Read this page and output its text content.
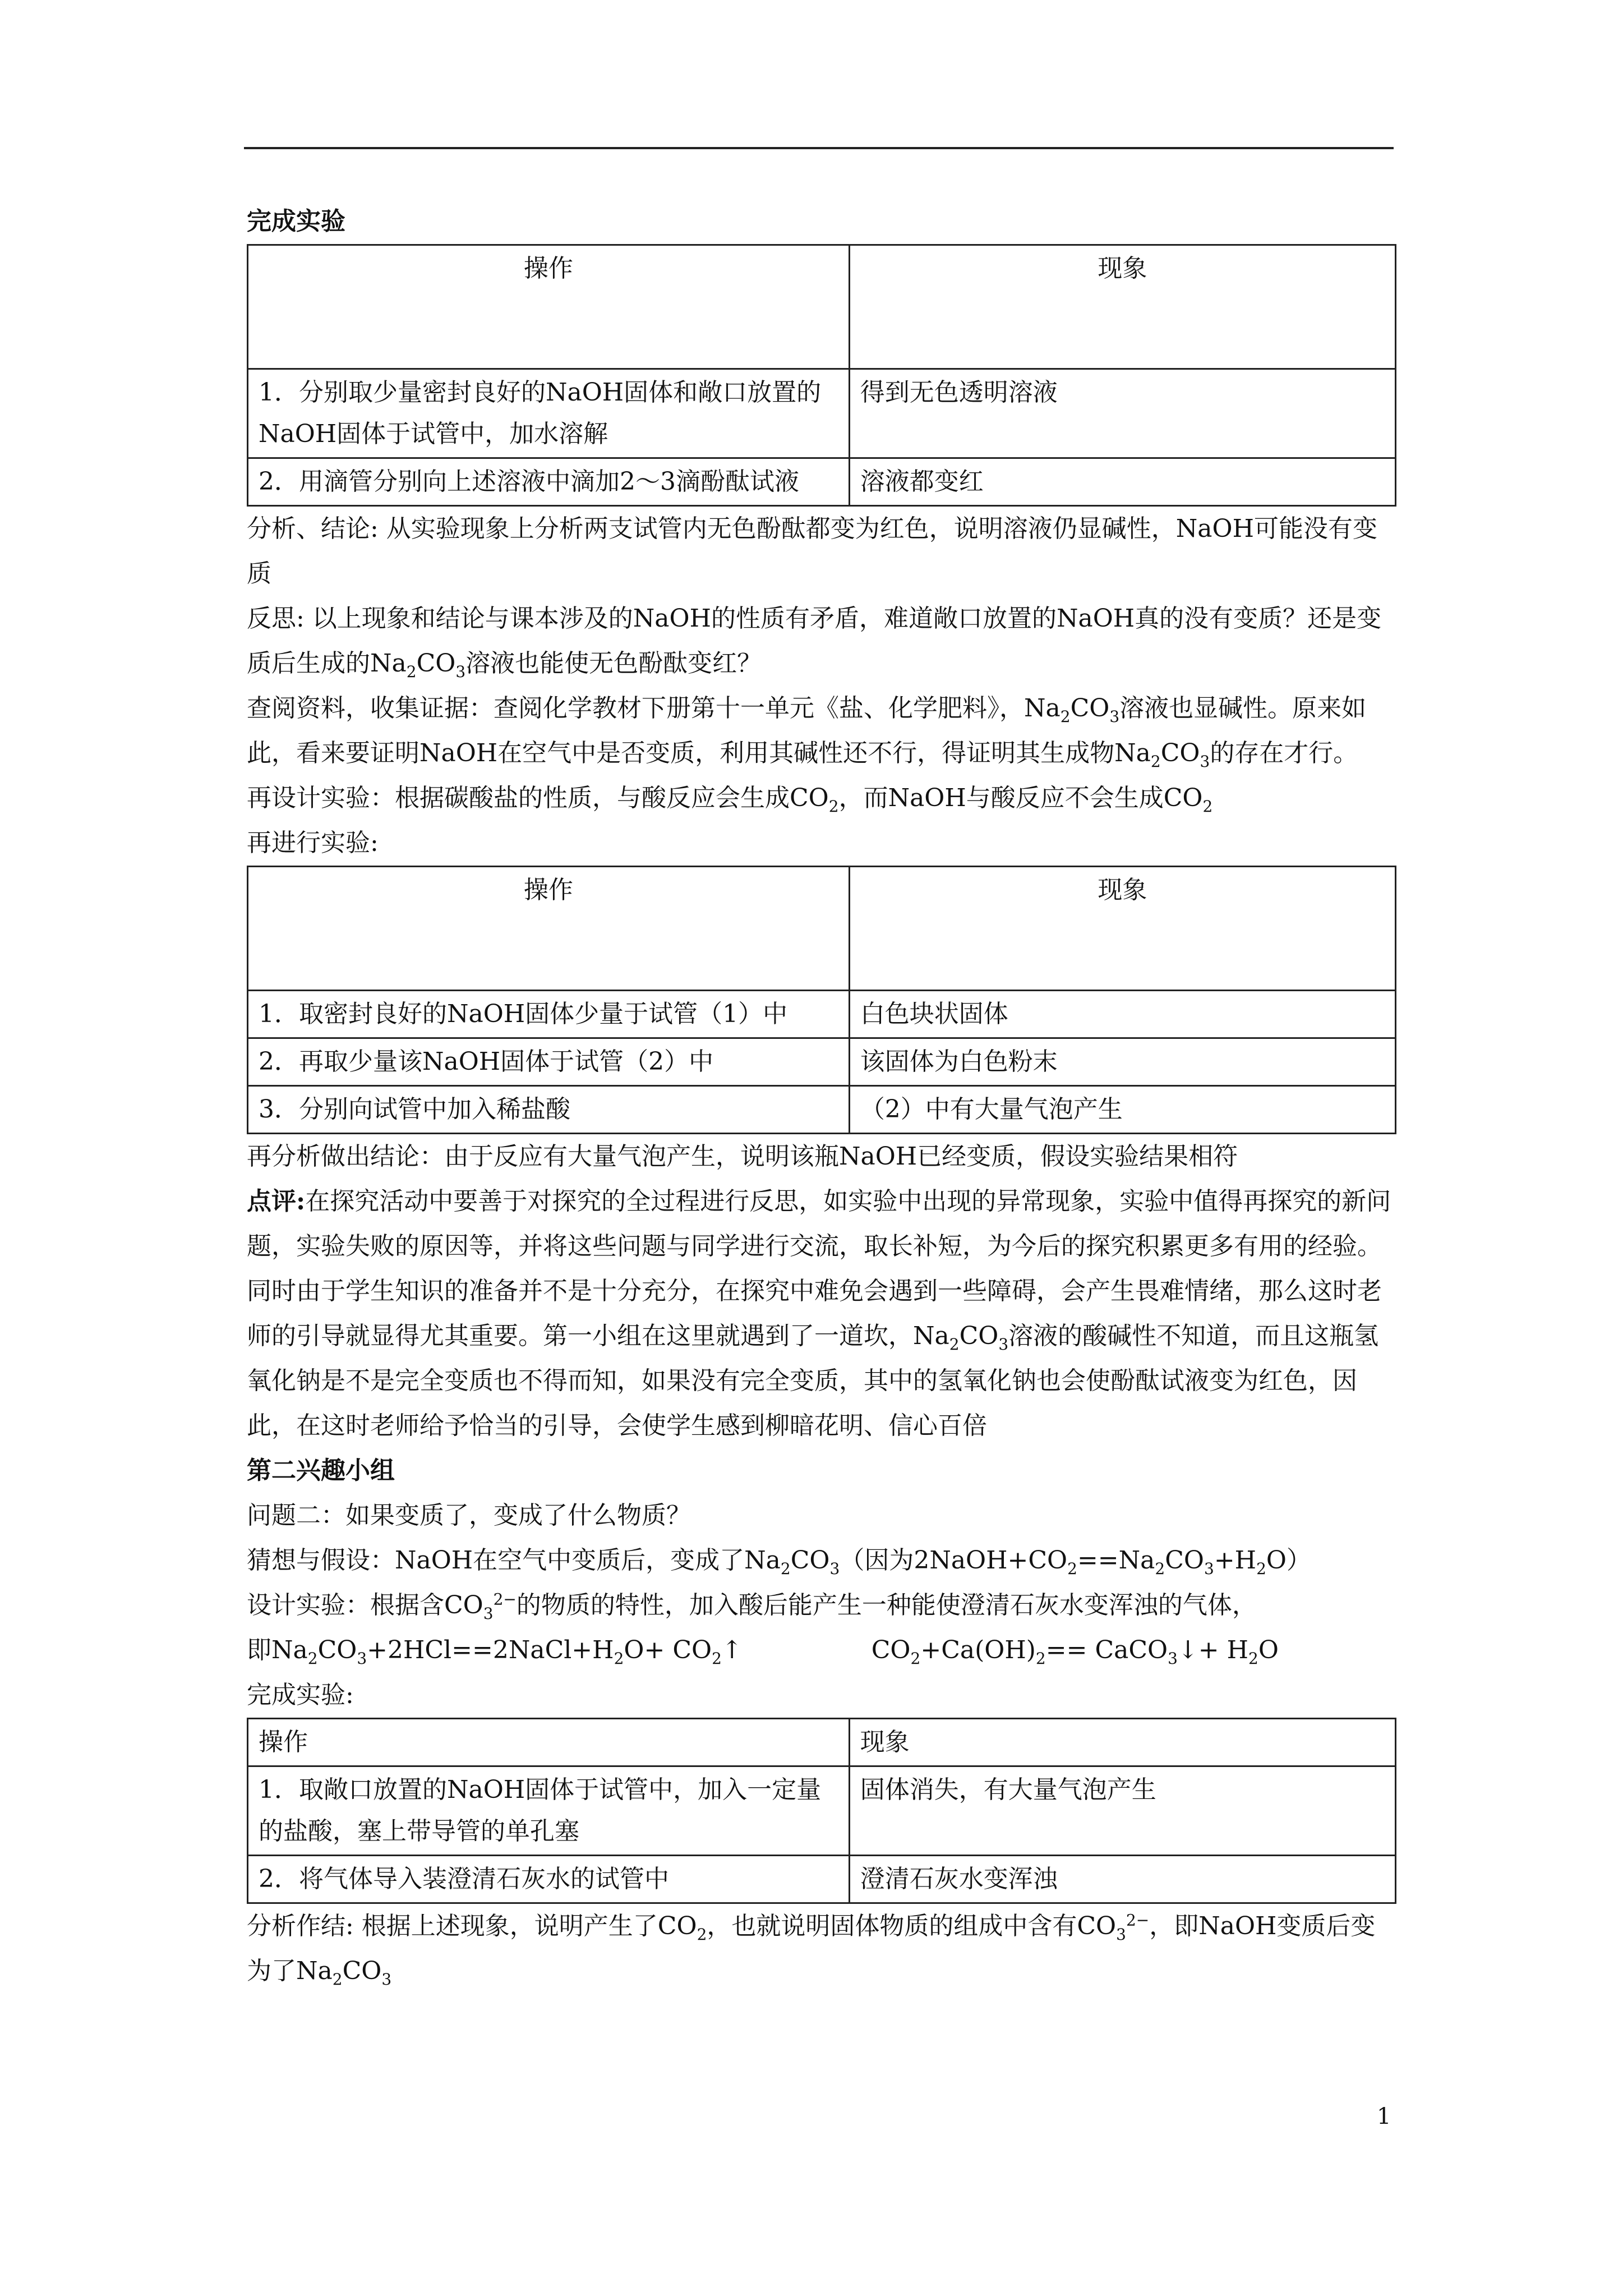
完成实验

操作	现象
1．分别取少量密封良好的NaOH固体和敞口放置的NaOH固体于试管中，加水溶解	得到无色透明溶液
2．用滴管分别向上述溶液中滴加2～3滴酚酞试液	溶液都变红

分析、结论: 从实验现象上分析两支试管内无色酚酞都变为红色，说明溶液仍显碱性，NaOH可能没有变质

反思: 以上现象和结论与课本涉及的NaOH的性质有矛盾，难道敞口放置的NaOH真的没有变质？还是变质后生成的$Na_2CO_3$溶液也能使无色酚酞变红？

查阅资料，收集证据：查阅化学教材下册第十一单元《盐、化学肥料》，$Na_2CO_3$溶液也显碱性。原来如此，看来要证明NaOH在空气中是否变质，利用其碱性还不行，得证明其生成物$Na_2CO_3$的存在才行。

再设计实验：根据碳酸盐的性质，与酸反应会生成$CO_2$，而NaOH与酸反应不会生成$CO_2$

再进行实验:

操作	现象
1．取密封良好的NaOH固体少量于试管（1）中	白色块状固体
2．再取少量该NaOH固体于试管（2）中	该固体为白色粉末
3．分别向试管中加入稀盐酸	（2）中有大量气泡产生

再分析做出结论：由于反应有大量气泡产生，说明该瓶NaOH已经变质，假设实验结果相符

点评:在探究活动中要善于对探究的全过程进行反思，如实验中出现的异常现象，实验中值得再探究的新问题，实验失败的原因等，并将这些问题与同学进行交流，取长补短，为今后的探究积累更多有用的经验。同时由于学生知识的准备并不是十分充分，在探究中难免会遇到一些障碍，会产生畏难情绪，那么这时老师的引导就显得尤其重要。第一小组在这里就遇到了一道坎，$Na_2CO_3$溶液的酸碱性不知道，而且这瓶氢氧化钠是不是完全变质也不得而知，如果没有完全变质，其中的氢氧化钠也会使酚酞试液变为红色，因此，在这时老师给予恰当的引导，会使学生感到柳暗花明、信心百倍

第二兴趣小组

问题二：如果变质了，变成了什么物质？

猜想与假设：NaOH在空气中变质后，变成了$Na_2CO_3$（因为$2NaOH+CO_2==Na_2CO_3+H_2O$）

设计实验：根据含$CO_3^{2-}$的物质的特性，加入酸后能产生一种能使澄清石灰水变浑浊的气体，

即$Na_2CO_3+2HCl==2NaCl+H_2O+$ $CO_2↑$	$CO_2+Ca(OH)_2==$ CaCO$_3$↓+ $H_2O$

完成实验:

操作	现象
1．取敞口放置的NaOH固体于试管中，加入一定量的盐酸，塞上带导管的单孔塞	固体消失，有大量气泡产生
2．将气体导入装澄清石灰水的试管中	澄清石灰水变浑浊

分析作结: 根据上述现象，说明产生了$CO_2$，也就说明固体物质的组成中含有$CO_3^{2-}$，即NaOH变质后变为了$Na_2CO_3$

1
